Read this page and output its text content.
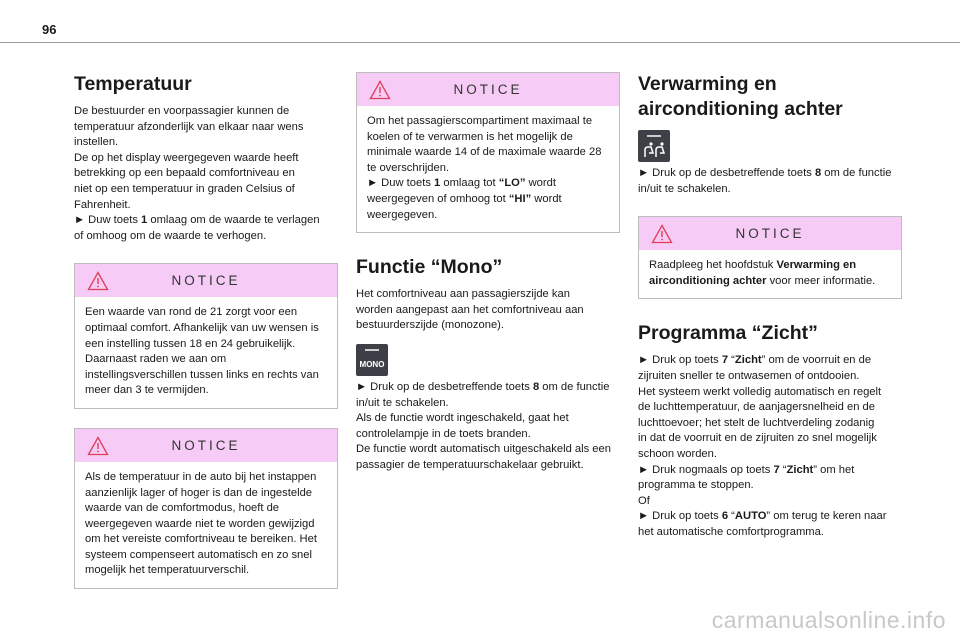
96
Temperatuur

De bestuurder en voorpassagier kunnen de
temperatuur afzonderlijk van elkaar naar wens
instellen.
De op het display weergegeven waarde heeft
betrekking op een bepaald comfortniveau en
niet op een temperatuur in graden Celsius of
Fahrenheit.
► Duw toets 1 omlaag om de waarde te verlagen
of omhoog om de waarde te verhogen.

NOTICE

Een waarde van rond de 21 zorgt voor een
optimaal comfort. Afhankelijk van uw wensen is
een instelling tussen 18 en 24 gebruikelijk.
Daarnaast raden we aan om
instellingsverschillen tussen links en rechts van
meer dan 3 te vermijden.

NOTICE

Als de temperatuur in de auto bij het instappen
aanzienlijk lager of hoger is dan de ingestelde
waarde van de comfortmodus, hoeft de
weergegeven waarde niet te worden gewijzigd
om het vereiste comfortniveau te bereiken. Het
systeem compenseert automatisch en zo snel
mogelijk het temperatuurverschil.

NOTICE

Om het passagierscompartiment maximaal te
koelen of te verwarmen is het mogelijk de
minimale waarde 14 of de maximale waarde 28
te overschrijden.
► Duw toets 1 omlaag tot “LO” wordt
weergegeven of omhoog tot “HI” wordt
weergegeven.

Functie “Mono”

Het comfortniveau aan passagierszijde kan
worden aangepast aan het comfortniveau aan
bestuurderszijde (monozone).

MONO

► Druk op de desbetreffende toets 8 om de functie
in/uit te schakelen.
Als de functie wordt ingeschakeld, gaat het
controlelampje in de toets branden.
De functie wordt automatisch uitgeschakeld als een
passagier de temperatuurschakelaar gebruikt.

Verwarming en
airconditioning achter

► Druk op de desbetreffende toets 8 om de functie
in/uit te schakelen.

NOTICE

Raadpleeg het hoofdstuk Verwarming en
airconditioning achter voor meer informatie.

Programma “Zicht”

► Druk op toets 7 “Zicht” om de voorruit en de
zijruiten sneller te ontwasemen of ontdooien.
Het systeem werkt volledig automatisch en regelt
de luchttemperatuur, de aanjagersnelheid en de
luchttoevoer; het stelt de luchtverdeling zodanig
in dat de voorruit en de zijruiten zo snel mogelijk
schoon worden.
► Druk nogmaals op toets 7 “Zicht” om het
programma te stoppen.
Of
► Druk op toets 6 “AUTO” om terug te keren naar
het automatische comfortprogramma.

carmanualsonline.info
